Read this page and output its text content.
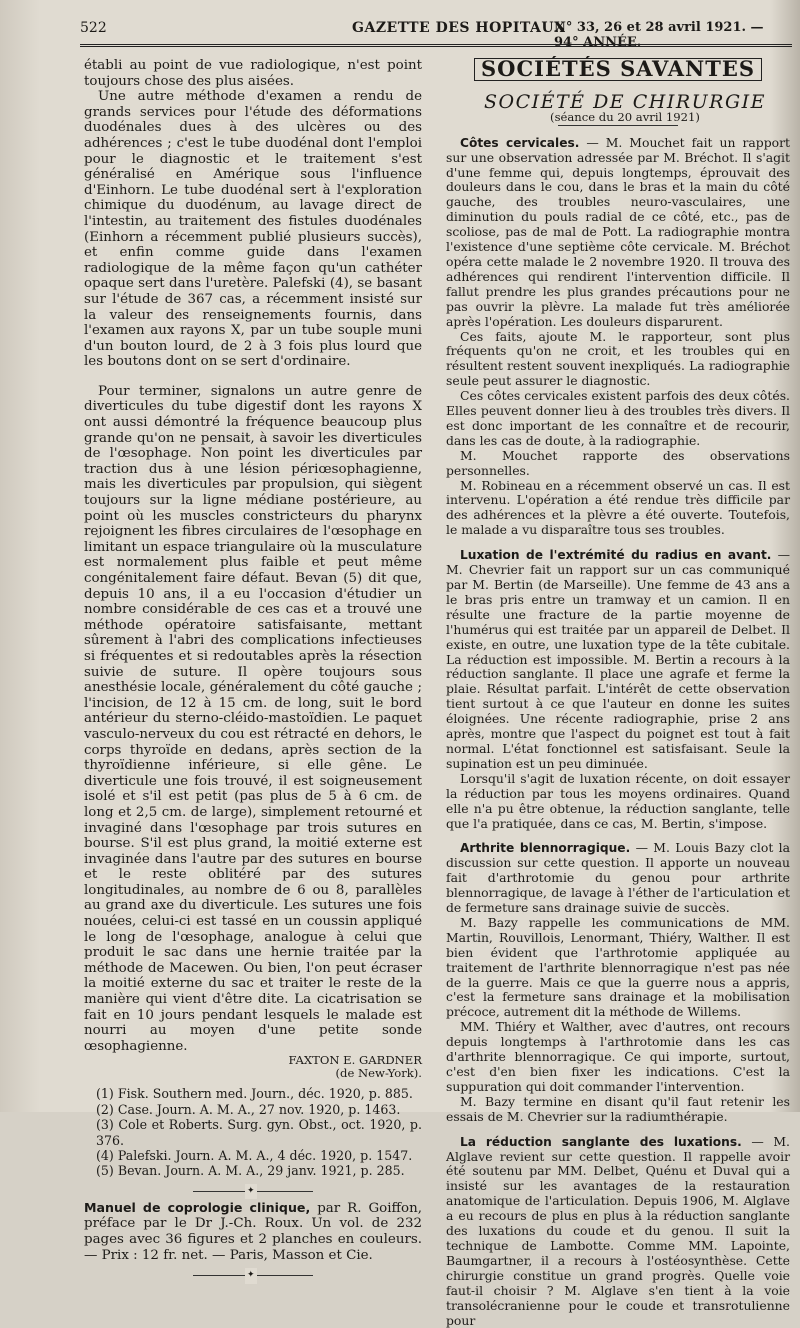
522	GAZETTE DES HOPITAUX
N° 33, 26 et 28 avril 1921. — 94° ANNÉE.

établi au point de vue radiologique, n'est point toujours chose des plus aisées.

Une autre méthode d'examen a rendu de grands services pour l'étude des déformations duodénales dues à des ulcères ou des adhérences ; c'est le tube duodénal dont l'emploi pour le diagnostic et le traitement s'est généralisé en Amérique sous l'influence d'Einhorn. Le tube duodénal sert à l'exploration chimique du duodénum, au lavage direct de l'intestin, au traitement des fistules duodénales (Einhorn a récemment publié plusieurs succès), et enfin comme guide dans l'examen radiologique de la même façon qu'un cathéter opaque sert dans l'uretère. Palefski (4), se basant sur l'étude de 367 cas, a récemment insisté sur la valeur des renseignements fournis, dans l'examen aux rayons X, par un tube souple muni d'un bouton lourd, de 2 à 3 fois plus lourd que les boutons dont on se sert d'ordinaire.

Pour terminer, signalons un autre genre de diverticules du tube digestif dont les rayons X ont aussi démontré la fréquence beaucoup plus grande qu'on ne pensait, à savoir les diverticules de l'œsophage. Non point les diverticules par traction dus à une lésion périœsophagienne, mais les diverticules par propulsion, qui siègent toujours sur la ligne médiane postérieure, au point où les muscles constricteurs du pharynx rejoignent les fibres circulaires de l'œsophage en limitant un espace triangulaire où la musculature est normalement plus faible et peut même congénitalement faire défaut. Bevan (5) dit que, depuis 10 ans, il a eu l'occasion d'étudier un nombre considérable de ces cas et a trouvé une méthode opératoire satisfaisante, mettant sûrement à l'abri des complications infectieuses si fréquentes et si redoutables après la résection suivie de suture. Il opère toujours sous anesthésie locale, généralement du côté gauche ; l'incision, de 12 à 15 cm. de long, suit le bord antérieur du sterno-cléido-mastoïdien. Le paquet vasculo-nerveux du cou est rétracté en dehors, le corps thyroïde en dedans, après section de la thyroïdienne inférieure, si elle gêne. Le diverticule une fois trouvé, il est soigneusement isolé et s'il est petit (pas plus de 5 à 6 cm. de long et 2,5 cm. de large), simplement retourné et invaginé dans l'œsophage par trois sutures en bourse. S'il est plus grand, la moitié externe est invaginée dans l'autre par des sutures en bourse et le reste oblitéré par des sutures longitudinales, au nombre de 6 ou 8, parallèles au grand axe du diverticule. Les sutures une fois nouées, celui-ci est tassé en un coussin appliqué le long de l'œsophage, analogue à celui que produit le sac dans une hernie traitée par la méthode de Macewen. Ou bien, l'on peut écraser la moitié externe du sac et traiter le reste de la manière qui vient d'être dite. La cicatrisation se fait en 10 jours pendant lesquels le malade est nourri au moyen d'une petite sonde œsophagienne.

FAXTON E. GARDNER

(de New-York).

(1) Fisk. Southern med. Journ., déc. 1920, p. 885.
(2) Case. Journ. A. M. A., 27 nov. 1920, p. 1463.
(3) Cole et Roberts. Surg. gyn. Obst., oct. 1920, p. 376.
(4) Palefski. Journ. A. M. A., 4 déc. 1920, p. 1547.
(5) Bevan. Journ. A. M. A., 29 janv. 1921, p. 285.
✦

Manuel de coprologie clinique, par R. Goiffon, préface par le Dr J.-Ch. Roux. Un vol. de 232 pages avec 36 figures et 2 planches en couleurs. — Prix : 12 fr. net. — Paris, Masson et Cie.

✦
SOCIÉTÉS SAVANTES

SOCIÉTÉ DE CHIRURGIE

(séance du 20 avril 1921)

Côtes cervicales. — M. Mouchet fait un rapport sur une observation adressée par M. Bréchot. Il s'agit d'une femme qui, depuis longtemps, éprouvait des douleurs dans le cou, dans le bras et la main du côté gauche, des troubles neuro-vasculaires, une diminution du pouls radial de ce côté, etc., pas de scoliose, pas de mal de Pott. La radiographie montra l'existence d'une septième côte cervicale. M. Bréchot opéra cette malade le 2 novembre 1920. Il trouva des adhérences qui rendirent l'intervention difficile. Il fallut prendre les plus grandes précautions pour ne pas ouvrir la plèvre. La malade fut très améliorée après l'opération. Les douleurs disparurent.

Ces faits, ajoute M. le rapporteur, sont plus fréquents qu'on ne croit, et les troubles qui en résultent restent souvent inexpliqués. La radiographie seule peut assurer le diagnostic.

Ces côtes cervicales existent parfois des deux côtés. Elles peuvent donner lieu à des troubles très divers. Il est donc important de les connaître et de recourir, dans les cas de doute, à la radiographie.

M. Mouchet rapporte des observations personnelles.

M. Robineau en a récemment observé un cas. Il est intervenu. L'opération a été rendue très difficile par des adhérences et la plèvre a été ouverte. Toutefois, le malade a vu disparaître tous ses troubles.

Luxation de l'extrémité du radius en avant. — M. Chevrier fait un rapport sur un cas communiqué par M. Bertin (de Marseille). Une femme de 43 ans a le bras pris entre un tramway et un camion. Il en résulte une fracture de la partie moyenne de l'humérus qui est traitée par un appareil de Delbet. Il existe, en outre, une luxation type de la tête cubitale. La réduction est impossible. M. Bertin a recours à la réduction sanglante. Il place une agrafe et ferme la plaie. Résultat parfait. L'intérêt de cette observation tient surtout à ce que l'auteur en donne les suites éloignées. Une récente radiographie, prise 2 ans après, montre que l'aspect du poignet est tout à fait normal. L'état fonctionnel est satisfaisant. Seule la supination est un peu diminuée.

Lorsqu'il s'agit de luxation récente, on doit essayer la réduction par tous les moyens ordinaires. Quand elle n'a pu être obtenue, la réduction sanglante, telle que l'a pratiquée, dans ce cas, M. Bertin, s'impose.

Arthrite blennorragique. — M. Louis Bazy clot la discussion sur cette question. Il apporte un nouveau fait d'arthrotomie du genou pour arthrite blennorragique, de lavage à l'éther de l'articulation et de fermeture sans drainage suivie de succès.

M. Bazy rappelle les communications de MM. Martin, Rouvillois, Lenormant, Thiéry, Walther. Il est bien évident que l'arthrotomie appliquée au traitement de l'arthrite blennorragique n'est pas née de la guerre. Mais ce que la guerre nous a appris, c'est la fermeture sans drainage et la mobilisation précoce, autrement dit la méthode de Willems.

MM. Thiéry et Walther, avec d'autres, ont recours depuis longtemps à l'arthrotomie dans les cas d'arthrite blennorragique. Ce qui importe, surtout, c'est d'en bien fixer les indications. C'est la suppuration qui doit commander l'intervention.

M. Bazy termine en disant qu'il faut retenir les essais de M. Chevrier sur la radiumthérapie.

La réduction sanglante des luxations. — M. Alglave revient sur cette question. Il rappelle avoir été soutenu par MM. Delbet, Quénu et Duval qui a insisté sur les avantages de la restauration anatomique de l'articulation. Depuis 1906, M. Alglave a eu recours de plus en plus à la réduction sanglante des luxations du coude et du genou. Il suit la technique de Lambotte. Comme MM. Lapointe, Baumgartner, il a recours à l'ostéosynthèse. Cette chirurgie constitue un grand progrès. Quelle voie faut-il choisir ? M. Alglave s'en tient à la voie transolécranienne pour le coude et transrotulienne pour
